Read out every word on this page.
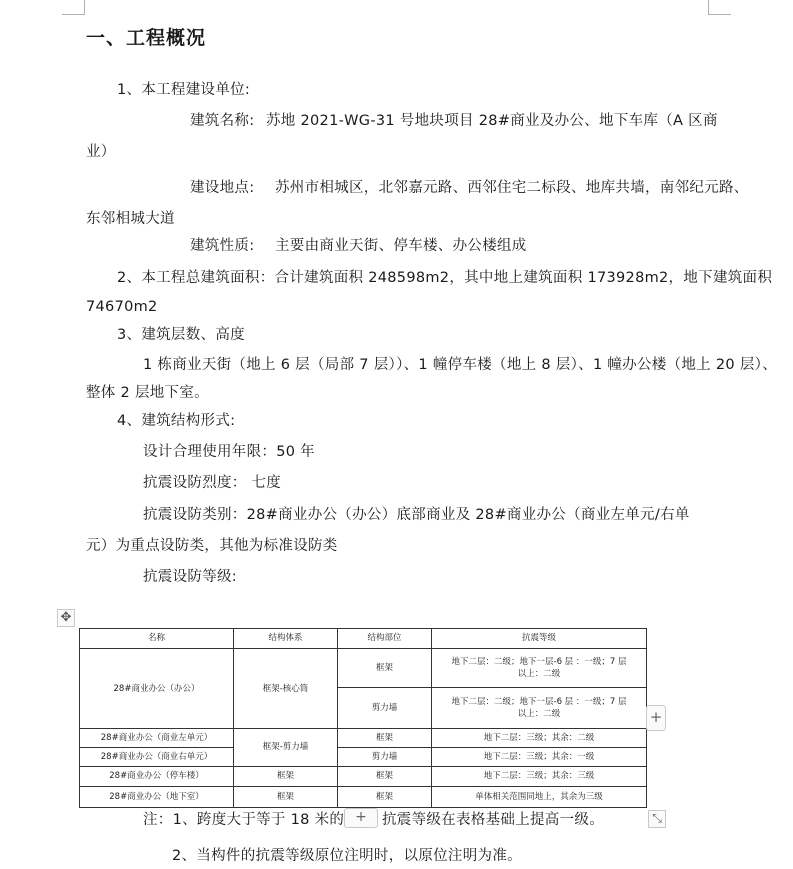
一、工程概况
1、本工程建设单位:
建筑名称: 苏地 2021-WG-31 号地块项目 28#商业及办公、地下车库（A 区商
业）
建设地点: 苏州市相城区，北邻嘉元路、西邻住宅二标段、地库共墙，南邻纪元路、
东邻相城大道
建筑性质: 主要由商业天街、停车楼、办公楼组成
2、本工程总建筑面积：合计建筑面积 248598m2，其中地上建筑面积 173928m2，地下建筑面积
74670m2
3、建筑层数、高度
1 栋商业天街（地上 6 层（局部 7 层））、1 幢停车楼（地上 8 层）、1 幢办公楼（地上 20 层）、
整体 2 层地下室。
4、建筑结构形式:
设计合理使用年限：50 年
抗震设防烈度： 七度
抗震设防类别：28#商业办公（办公）底部商业及 28#商业办公（商业左单元/右单
元）为重点设防类，其他为标准设防类
抗震设防等级:
✥
名称	结构体系	结构部位	抗震等级
28#商业办公（办公）	框架-核心筒	框架	地下二层：二级；地下一层-6 层 ：一级；7 层
以上：二级

		剪力墙	地下二层：二级；地下一层-6 层 ：一级；7 层
以上：二级

28#商业办公（商业左单元）	框架-剪力墙	框架	地下二层：三级；其余：二级
28#商业办公（商业右单元）		剪力墙	地下二层：三级；其余：一级
28#商业办公（停车楼）	框架	框架	地下二层：三级；其余：三级
28#商业办公（地下室）	框架	框架	单体相关范围同地上，其余为三级
+
注：1、跨度大于等于 18 米的 +	抗震等级在表格基础上提高一级。	⤡
2、当构件的抗震等级原位注明时，以原位注明为准。
